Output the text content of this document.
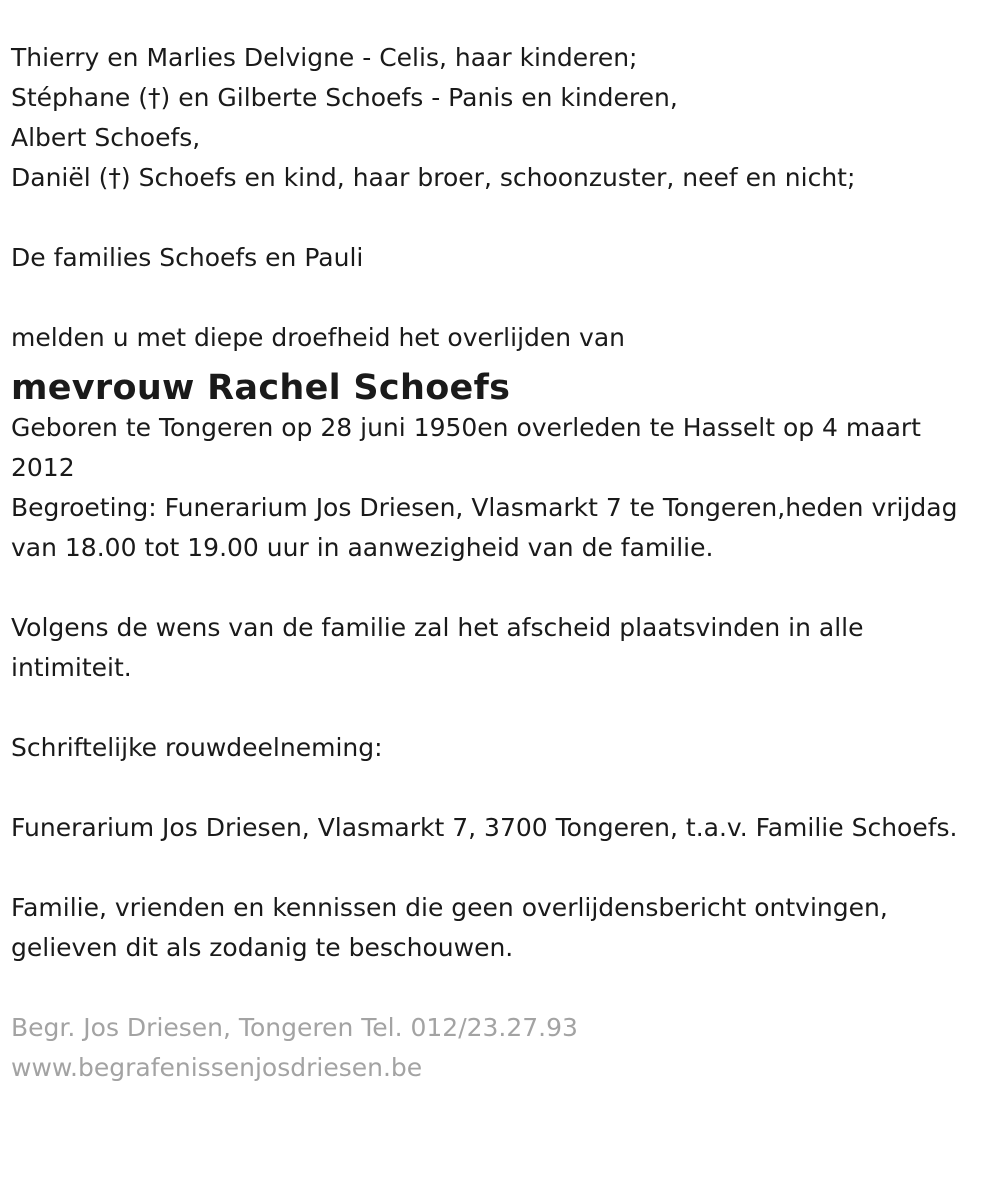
Thierry en Marlies Delvigne - Celis, haar kinderen;

Stéphane (†) en Gilberte Schoefs - Panis en kinderen,

Albert Schoefs,

Daniël (†) Schoefs en kind, haar broer, schoonzuster, neef en nicht;

De families Schoefs en Pauli

melden u met diepe droefheid het overlijden van

mevrouw Rachel Schoefs

Geboren te Tongeren op 28 juni 1950en overleden te Hasselt op 4 maart 2012

Begroeting: Funerarium Jos Driesen, Vlasmarkt 7 te Tongeren,heden vrijdag van 18.00 tot 19.00 uur in aanwezigheid van de familie.

Volgens de wens van de familie zal het afscheid plaatsvinden in alle intimiteit.

Schriftelijke rouwdeelneming:

Funerarium Jos Driesen, Vlasmarkt 7, 3700 Tongeren, t.a.v. Familie Schoefs.

Familie, vrienden en kennissen die geen overlijdensbericht ontvingen, gelieven dit als zodanig te beschouwen.

Begr. Jos Driesen, Tongeren Tel. 012/23.27.93

www.begrafenissenjosdriesen.be
